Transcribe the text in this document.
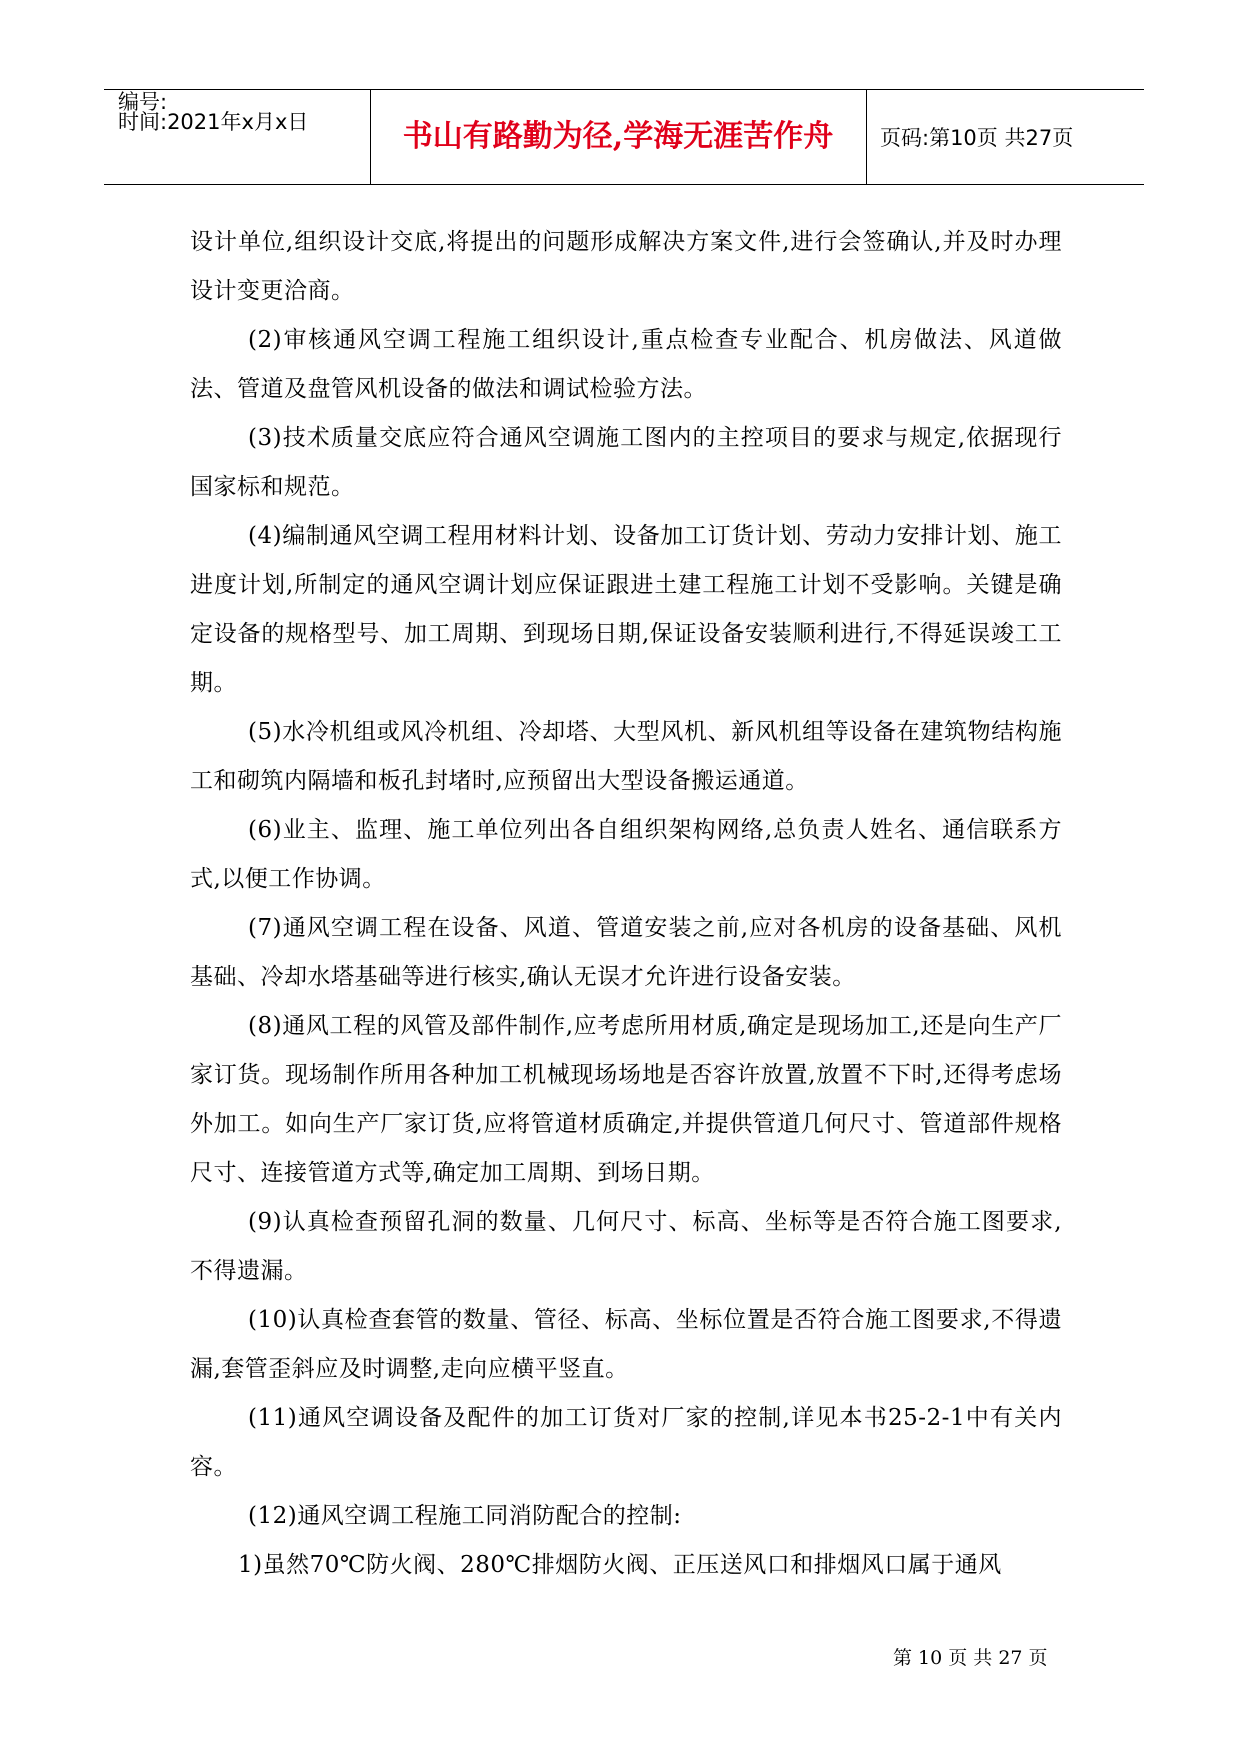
编号:
时间:2021年x月x日	书山有路勤为径,学海无涯苦作舟	页码:第10页 共27页

设计单位,组织设计交底,将提出的问题形成解决方案文件,进行会签确认,并及时办理设计变更洽商。

(2)审核通风空调工程施工组织设计,重点检查专业配合、机房做法、风道做法、管道及盘管风机设备的做法和调试检验方法。

(3)技术质量交底应符合通风空调施工图内的主控项目的要求与规定,依据现行国家标和规范。

(4)编制通风空调工程用材料计划、设备加工订货计划、劳动力安排计划、施工进度计划,所制定的通风空调计划应保证跟进土建工程施工计划不受影响。关键是确定设备的规格型号、加工周期、到现场日期,保证设备安装顺利进行,不得延误竣工工期。

(5)水冷机组或风冷机组、冷却塔、大型风机、新风机组等设备在建筑物结构施工和砌筑内隔墙和板孔封堵时,应预留出大型设备搬运通道。

(6)业主、监理、施工单位列出各自组织架构网络,总负责人姓名、通信联系方式,以便工作协调。

(7)通风空调工程在设备、风道、管道安装之前,应对各机房的设备基础、风机基础、冷却水塔基础等进行核实,确认无误才允许进行设备安装。

(8)通风工程的风管及部件制作,应考虑所用材质,确定是现场加工,还是向生产厂家订货。现场制作所用各种加工机械现场场地是否容许放置,放置不下时,还得考虑场外加工。如向生产厂家订货,应将管道材质确定,并提供管道几何尺寸、管道部件规格尺寸、连接管道方式等,确定加工周期、到场日期。

(9)认真检查预留孔洞的数量、几何尺寸、标高、坐标等是否符合施工图要求,不得遗漏。

(10)认真检查套管的数量、管径、标高、坐标位置是否符合施工图要求,不得遗漏,套管歪斜应及时调整,走向应横平竖直。

(11)通风空调设备及配件的加工订货对厂家的控制,详见本书25-2-1中有关内容。

(12)通风空调工程施工同消防配合的控制:

1)虽然70℃防火阀、280℃排烟防火阀、正压送风口和排烟风口属于通风

第 10 页 共 27 页
